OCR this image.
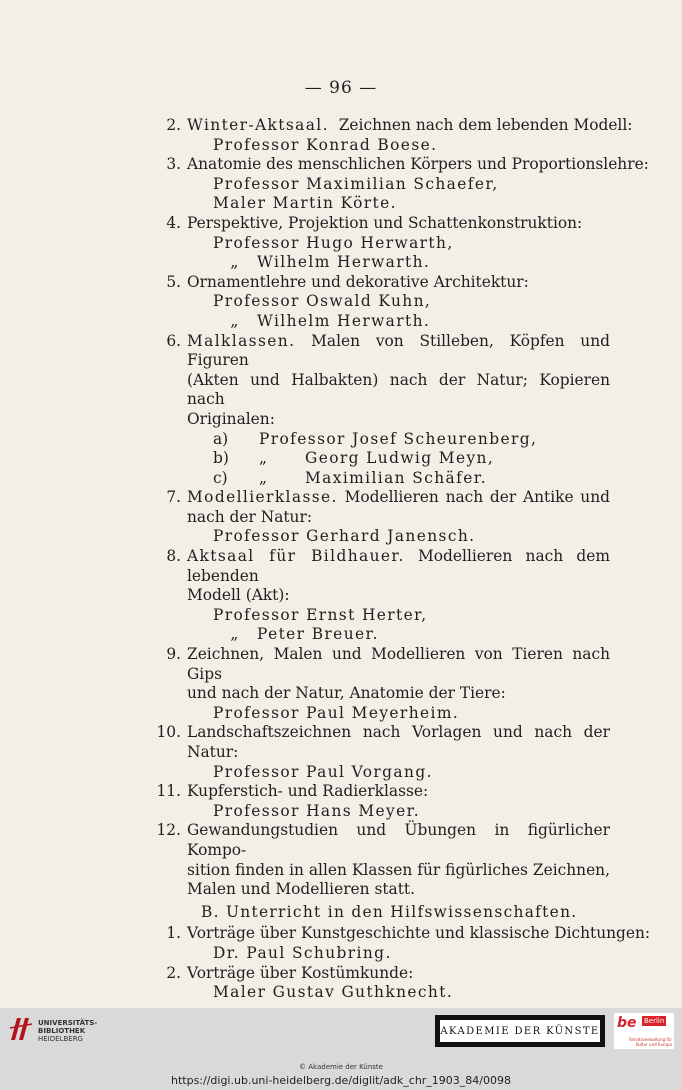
— 96 —
2. Winter-Aktsaal. Zeichnen nach dem lebenden Modell:
Professor Konrad Boese.
3. Anatomie des menschlichen Körpers und Proportionslehre:
Professor Maximilian Schaefer,
Maler Martin Körte.
4. Perspektive, Projektion und Schattenkonstruktion:
Professor Hugo Herwarth,
„ Wilhelm Herwarth.
5. Ornamentlehre und dekorative Architektur:
Professor Oswald Kuhn,
„ Wilhelm Herwarth.
6. Malklassen. Malen von Stilleben, Köpfen und Figuren
(Akten und Halbakten) nach der Natur; Kopieren nach
Originalen:
a) Professor Josef Scheurenberg,
b) „ Georg Ludwig Meyn,
c) „ Maximilian Schäfer.
7. Modellierklasse. Modellieren nach der Antike und
nach der Natur:
Professor Gerhard Janensch.
8. Aktsaal für Bildhauer. Modellieren nach dem lebenden
Modell (Akt):
Professor Ernst Herter,
„ Peter Breuer.
9. Zeichnen, Malen und Modellieren von Tieren nach Gips
und nach der Natur, Anatomie der Tiere:
Professor Paul Meyerheim.
10. Landschaftszeichnen nach Vorlagen und nach der Natur:
Professor Paul Vorgang.
11. Kupferstich- und Radierklasse:
Professor Hans Meyer.
12. Gewandungstudien und Übungen in figürlicher Kompo-
sition finden in allen Klassen für figürliches Zeichnen,
Malen und Modellieren statt.
B. Unterricht in den Hilfswissenschaften.
1. Vorträge über Kunstgeschichte und klassische Dichtungen:
Dr. Paul Schubring.
2. Vorträge über Kostümkunde:
Maler Gustav Guthknecht.
UNIVERSITÄTS-
BIBLIOTHEK
HEIDELBERG
AKADEMIE DER KÜNSTE be Berlin
Senatsverwaltung für Kultur und Europa
© Akademie der Künste
https://digi.ub.uni-heidelberg.de/diglit/adk_chr_1903_84/0098
